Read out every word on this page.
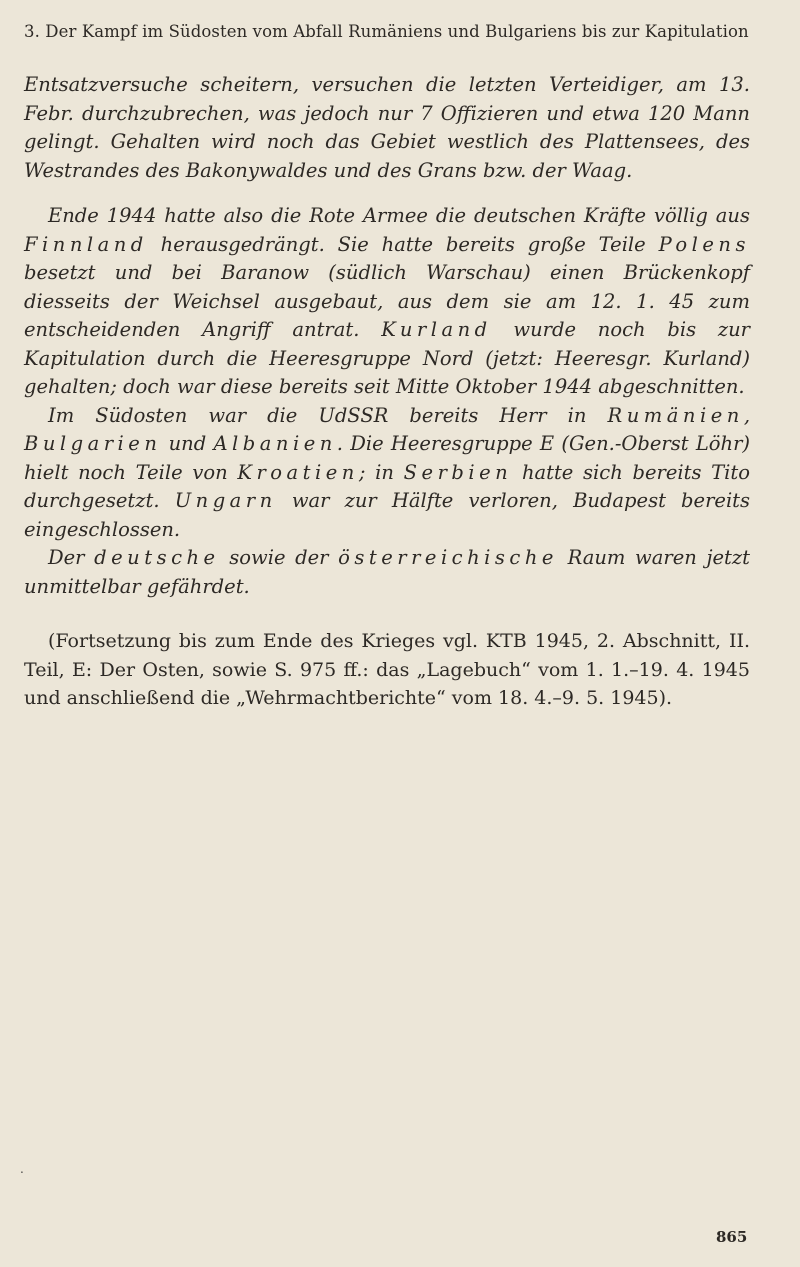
3. Der Kampf im Südosten vom Abfall Rumäniens und Bulgariens bis zur Kapitulation

Entsatzversuche scheitern, versuchen die letzten Verteidiger, am 13. Febr. durchzubrechen, was jedoch nur 7 Offizieren und etwa 120 Mann gelingt. Gehalten wird noch das Gebiet westlich des Plattensees, des Westrandes des Bakonywaldes und des Grans bzw. der Waag.

Ende 1944 hatte also die Rote Armee die deutschen Kräfte völlig aus Finnland herausgedrängt. Sie hatte bereits große Teile Polens besetzt und bei Baranow (südlich Warschau) einen Brückenkopf diesseits der Weichsel ausgebaut, aus dem sie am 12. 1. 45 zum entscheidenden Angriff antrat. Kurland wurde noch bis zur Kapitulation durch die Heeresgruppe Nord (jetzt: Heeresgr. Kurland) gehalten; doch war diese bereits seit Mitte Oktober 1944 abgeschnitten.

Im Südosten war die UdSSR bereits Herr in Rumänien, Bulgarien und Albanien. Die Heeresgruppe E (Gen.-Oberst Löhr) hielt noch Teile von Kroatien; in Serbien hatte sich bereits Tito durchgesetzt. Ungarn war zur Hälfte verloren, Budapest bereits eingeschlossen.

Der deutsche sowie der österreichische Raum waren jetzt unmittelbar gefährdet.

(Fortsetzung bis zum Ende des Krieges vgl. KTB 1945, 2. Abschnitt, II. Teil, E: Der Osten, sowie S. 975 ff.: das „Lagebuch“ vom 1. 1.–19. 4. 1945 und anschließend die „Wehrmachtberichte“ vom 18. 4.–9. 5. 1945).

.
865
